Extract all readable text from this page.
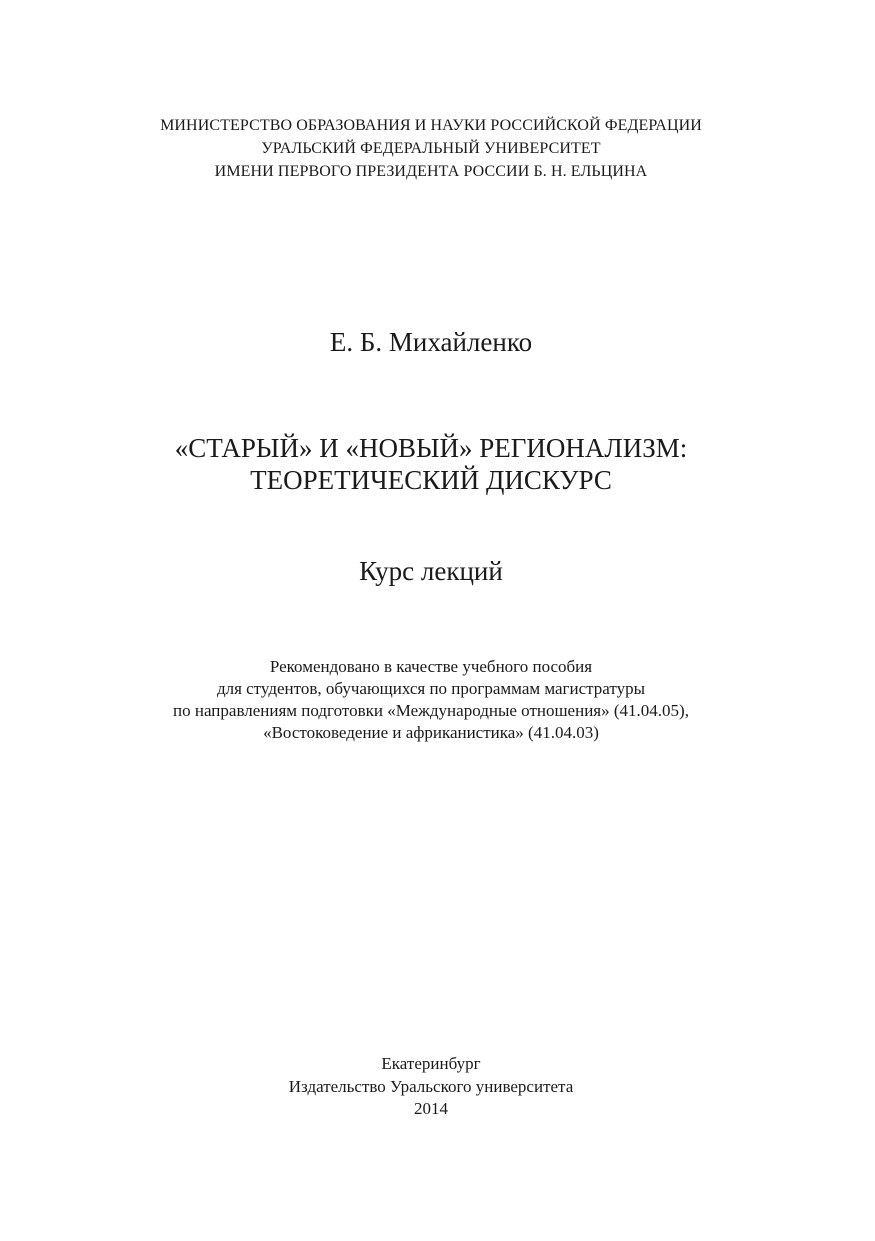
МИНИСТЕРСТВО ОБРАЗОВАНИЯ И НАУКИ РОССИЙСКОЙ ФЕДЕРАЦИИ
УРАЛЬСКИЙ ФЕДЕРАЛЬНЫЙ УНИВЕРСИТЕТ
ИМЕНИ ПЕРВОГО ПРЕЗИДЕНТА РОССИИ Б. Н. ЕЛЬЦИНА
Е. Б. Михайленко
«СТАРЫЙ» И «НОВЫЙ» РЕГИОНАЛИЗМ:
ТЕОРЕТИЧЕСКИЙ ДИСКУРС
Курс лекций
Рекомендовано в качестве учебного пособия
для студентов, обучающихся по программам магистратуры
по направлениям подготовки «Международные отношения» (41.04.05),
«Востоковедение и африканистика» (41.04.03)
Екатеринбург
Издательство Уральского университета
2014
